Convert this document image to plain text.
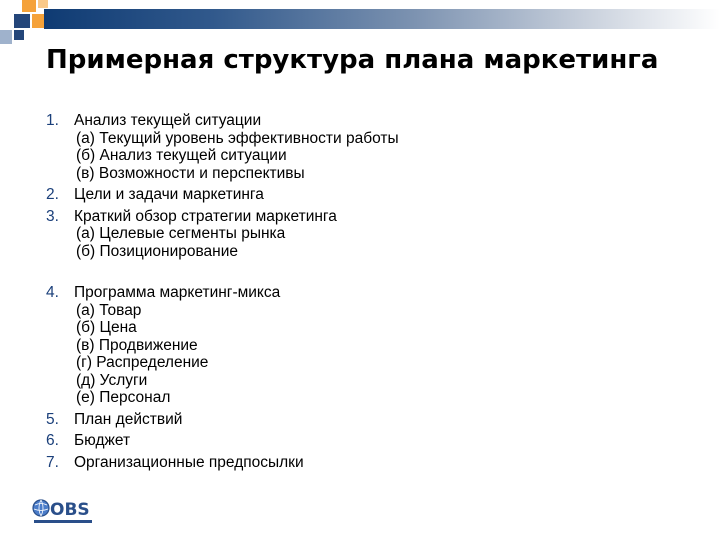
Примерная структура плана маркетинга
1. Анализ текущей ситуации
(а) Текущий уровень эффективности работы
(б) Анализ текущей ситуации
(в) Возможности и перспективы
2. Цели и задачи маркетинга
3. Краткий обзор стратегии маркетинга
(а) Целевые сегменты рынка
(б) Позиционирование
4. Программа маркетинг-микса
(а) Товар
(б) Цена
(в) Продвижение
(г) Распределение
(д) Услуги
(е) Персонал
5. План действий
6. Бюджет
7. Организационные предпосылки
OBS
